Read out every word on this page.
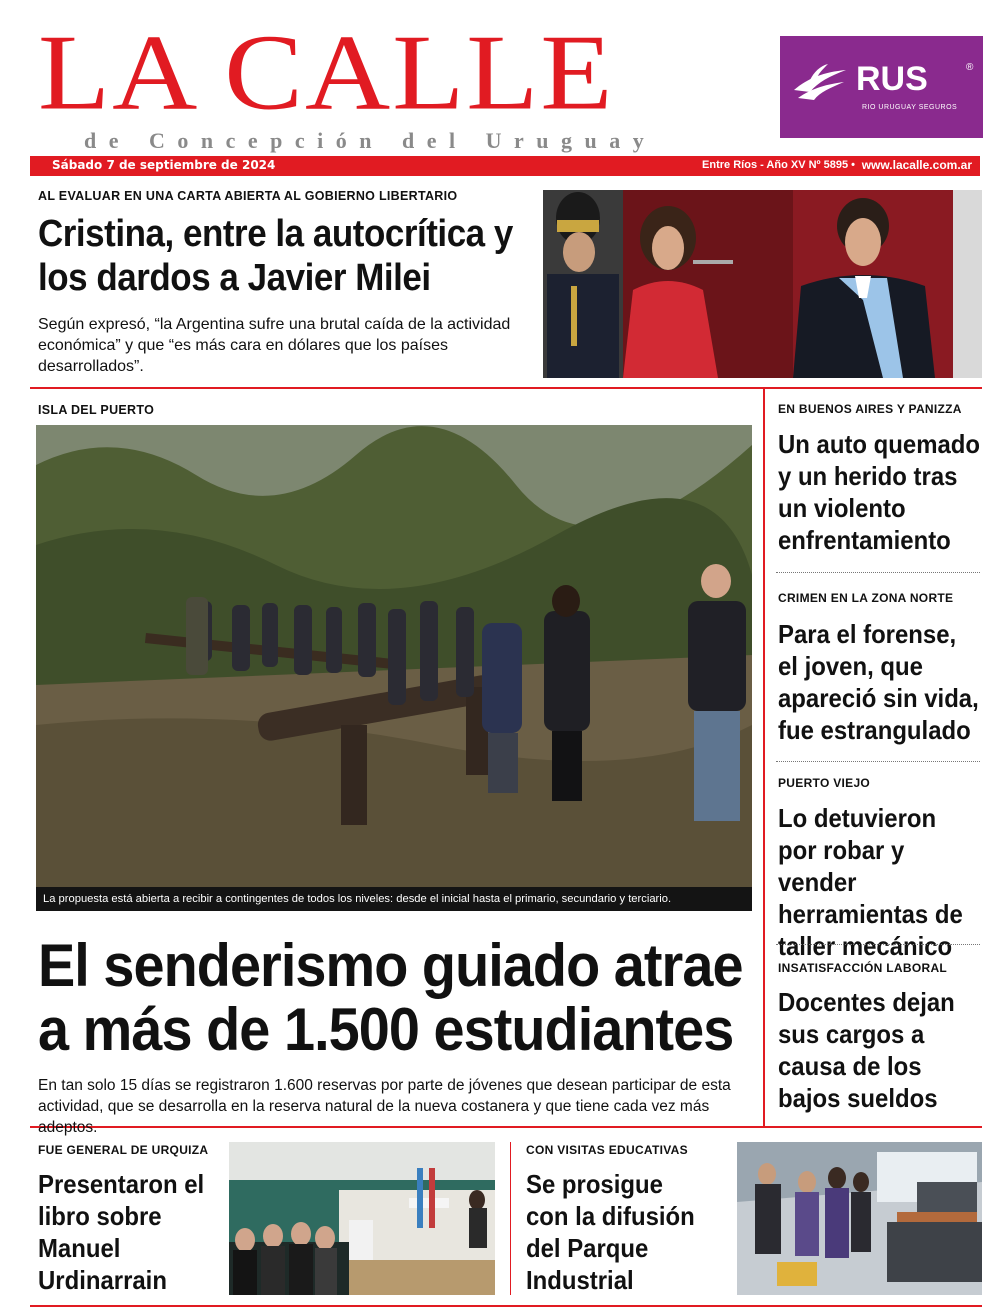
LA CALLE
de Concepción del Uruguay
RUS	®
RIO URUGUAY SEGUROS
Sábado 7 de septiembre de 2024	Entre Ríos - Año XV Nº 5895 • www.lacalle.com.ar
AL EVALUAR EN UNA CARTA ABIERTA AL GOBIERNO LIBERTARIO
Cristina, entre la autocrítica y los dardos a Javier Milei
Según expresó, “la Argentina sufre una brutal caída de la actividad económica” y que “es más cara en dólares que los países desarrollados”.
ISLA DEL PUERTO
La propuesta está abierta a recibir a contingentes de todos los niveles: desde el inicial hasta el primario, secundario y terciario.
El senderismo guiado atrae
a más de 1.500 estudiantes
En tan solo 15 días se registraron 1.600 reservas por parte de jóvenes que desean participar de esta actividad, que se desarrolla en la reserva natural de la nueva costanera y que tiene cada vez más adeptos.
EN BUENOS AIRES Y PANIZZA
Un auto quemado y un herido tras un violento enfrentamiento
CRIMEN EN LA ZONA NORTE
Para el forense, el joven, que apareció sin vida, fue estrangulado
PUERTO VIEJO
Lo detuvieron por robar y vender herramientas de taller mecánico
INSATISFACCIÓN LABORAL
Docentes dejan sus cargos a causa de los bajos sueldos
FUE GENERAL DE URQUIZA
Presentaron el libro sobre Manuel Urdinarrain
CON VISITAS EDUCATIVAS
Se prosigue con la difusión del Parque Industrial
